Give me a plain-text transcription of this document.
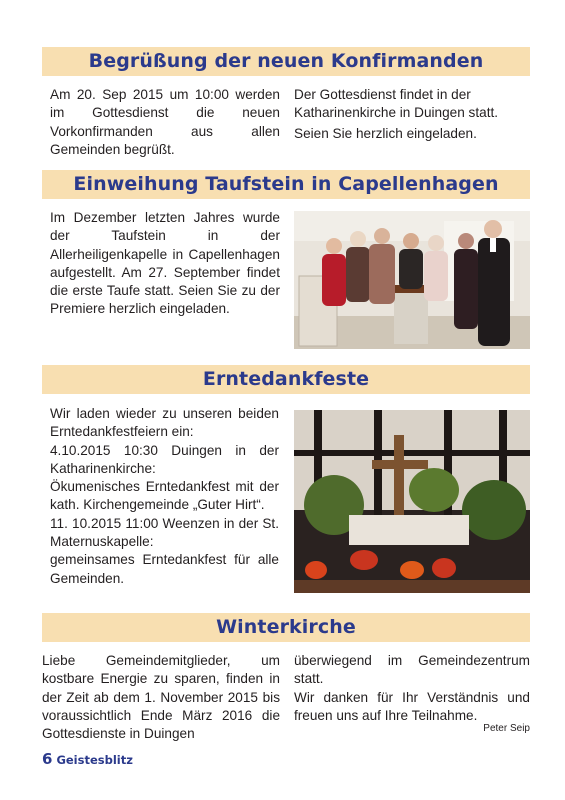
Begrüßung der neuen Konfirmanden

Am 20. Sep 2015 um 10:00 werden im Gottesdienst die neuen Vorkonfirmanden aus allen Gemeinden begrüßt.

Der Gottesdienst findet in der Katharinenkirche in Duingen statt.

Seien Sie herzlich eingeladen.

Einweihung Taufstein in Capellenhagen

Im Dezember letzten Jahres wurde der Taufstein in der Allerheiligenkapelle in Capellenhagen aufgestellt. Am 27. September findet die erste Taufe statt. Seien Sie zu der Premiere herzlich eingeladen.

Erntedankfeste

Wir laden wieder zu unseren beiden Erntedankfestfeiern ein:

4.10.2015 10:30 Duingen in der Katharinenkirche:

Ökumenisches Erntedankfest mit der kath. Kirchengemeinde „Guter Hirt“.

11. 10.2015 11:00 Weenzen in der St. Maternuskapelle:

gemeinsames Erntedankfest für alle Gemeinden.

Winterkirche

Liebe Gemeindemitglieder, um kostbare Energie zu sparen, finden in der Zeit ab dem 1. November 2015 bis voraussichtlich Ende März 2016 die Gottesdienste in Duingen

überwiegend im Gemeindezentrum statt.

Wir danken für Ihr Verständnis und freuen uns auf Ihre Teilnahme.

Peter Seip
6 Geistesblitz
